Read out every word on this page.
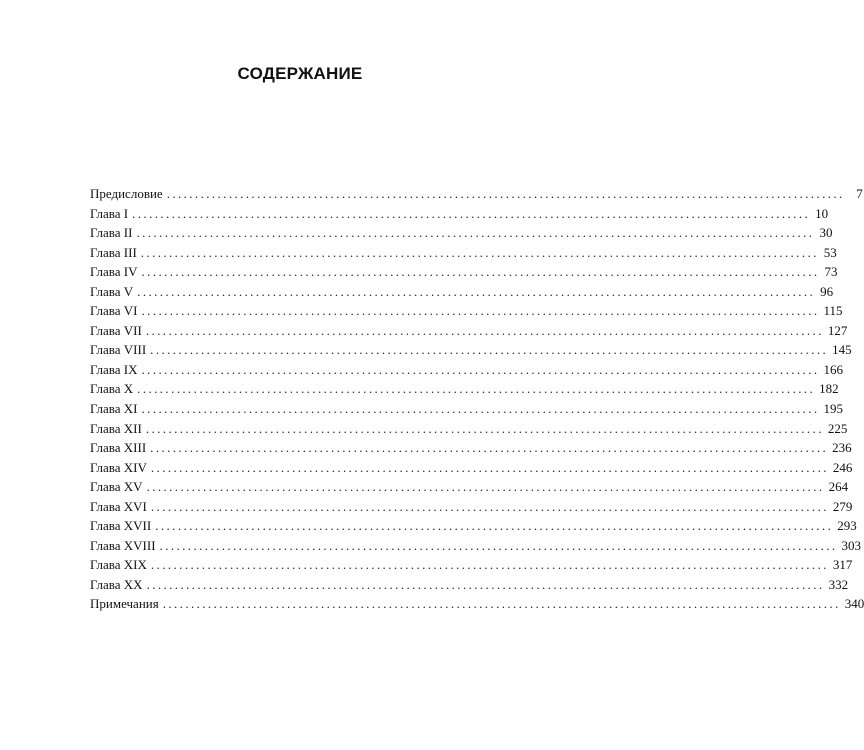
СОДЕРЖАНИЕ
Предисловие ........................................................................................................................ 7
Глава I ........................................................................................................................ 10
Глава II ........................................................................................................................ 30
Глава III ........................................................................................................................ 53
Глава IV ........................................................................................................................ 73
Глава V ........................................................................................................................ 96
Глава VI ........................................................................................................................ 115
Глава VII ........................................................................................................................ 127
Глава VIII ........................................................................................................................ 145
Глава IX ........................................................................................................................ 166
Глава X ........................................................................................................................ 182
Глава XI ........................................................................................................................ 195
Глава XII ........................................................................................................................ 225
Глава XIII ........................................................................................................................ 236
Глава XIV ........................................................................................................................ 246
Глава XV ........................................................................................................................ 264
Глава XVI ........................................................................................................................ 279
Глава XVII ........................................................................................................................ 293
Глава XVIII ........................................................................................................................ 303
Глава XIX ........................................................................................................................ 317
Глава XX ........................................................................................................................ 332
Примечания ........................................................................................................................ 340
